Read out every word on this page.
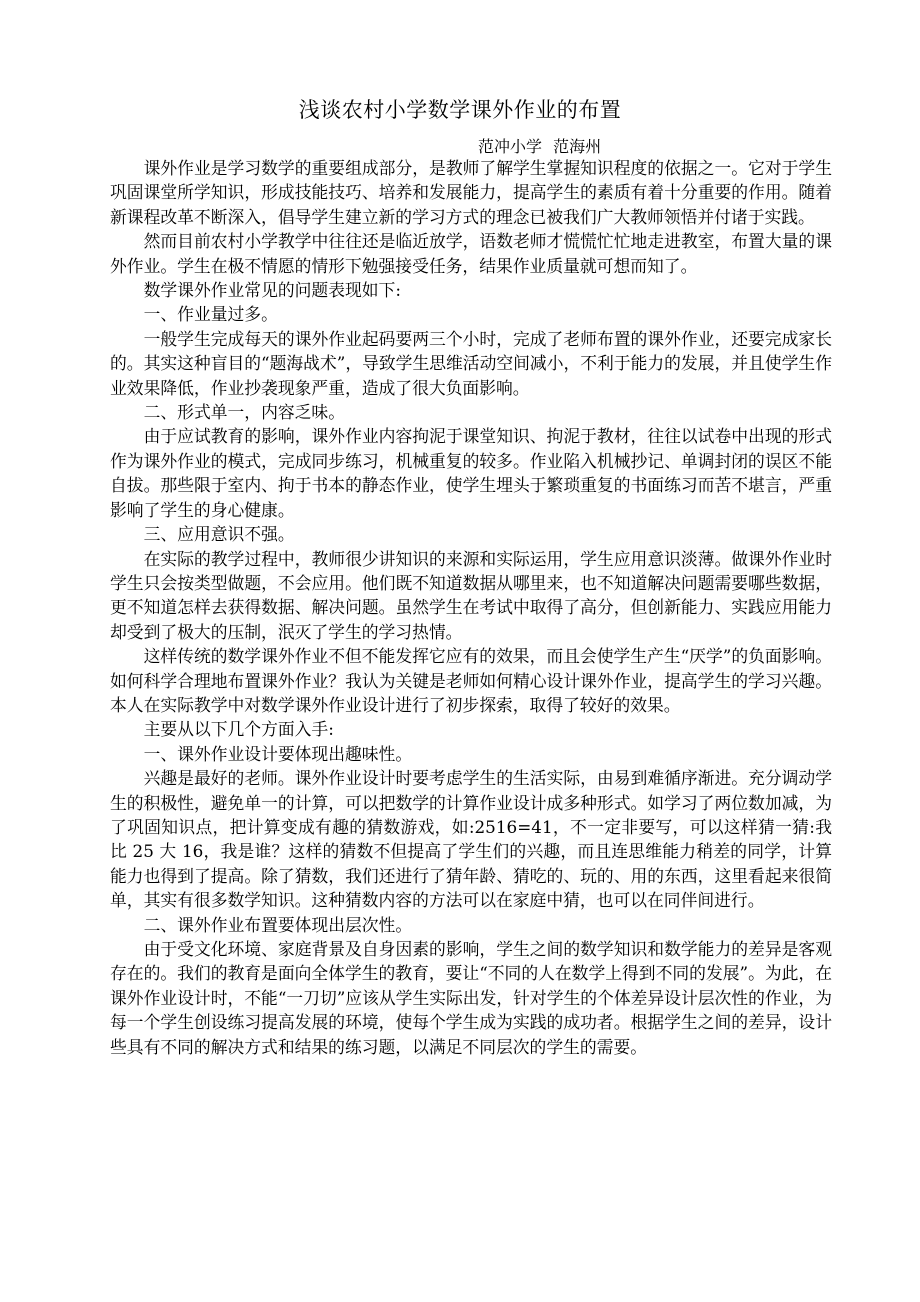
浅谈农村小学数学课外作业的布置
范冲小学 范海州

课外作业是学习数学的重要组成部分，是教师了解学生掌握知识程度的依据之一。它对于学生巩固课堂所学知识，形成技能技巧、培养和发展能力，提高学生的素质有着十分重要的作用。随着新课程改革不断深入，倡导学生建立新的学习方式的理念已被我们广大教师领悟并付诸于实践。

然而目前农村小学教学中往往还是临近放学，语数老师才慌慌忙忙地走进教室，布置大量的课外作业。学生在极不情愿的情形下勉强接受任务，结果作业质量就可想而知了。

数学课外作业常见的问题表现如下:

一、作业量过多。

一般学生完成每天的课外作业起码要两三个小时，完成了老师布置的课外作业，还要完成家长的。其实这种盲目的“题海战术”，导致学生思维活动空间减小，不利于能力的发展，并且使学生作业效果降低，作业抄袭现象严重，造成了很大负面影响。

二、形式单一，内容乏味。

由于应试教育的影响，课外作业内容拘泥于课堂知识、拘泥于教材，往往以试卷中出现的形式作为课外作业的模式，完成同步练习，机械重复的较多。作业陷入机械抄记、单调封闭的误区不能自拔。那些限于室内、拘于书本的静态作业，使学生埋头于繁琐重复的书面练习而苦不堪言，严重影响了学生的身心健康。

三、应用意识不强。

在实际的教学过程中，教师很少讲知识的来源和实际运用，学生应用意识淡薄。做课外作业时学生只会按类型做题，不会应用。他们既不知道数据从哪里来，也不知道解决问题需要哪些数据，更不知道怎样去获得数据、解决问题。虽然学生在考试中取得了高分，但创新能力、实践应用能力却受到了极大的压制，泯灭了学生的学习热情。

这样传统的数学课外作业不但不能发挥它应有的效果，而且会使学生产生“厌学”的负面影响。如何科学合理地布置课外作业？我认为关键是老师如何精心设计课外作业，提高学生的学习兴趣。本人在实际教学中对数学课外作业设计进行了初步探索，取得了较好的效果。

主要从以下几个方面入手:

一、课外作业设计要体现出趣味性。

兴趣是最好的老师。课外作业设计时要考虑学生的生活实际，由易到难循序渐进。充分调动学生的积极性，避免单一的计算，可以把数学的计算作业设计成多种形式。如学习了两位数加减，为了巩固知识点，把计算变成有趣的猜数游戏，如:2516=41，不一定非要写，可以这样猜一猜:我比 25 大 16，我是谁？这样的猜数不但提高了学生们的兴趣，而且连思维能力稍差的同学，计算能力也得到了提高。除了猜数，我们还进行了猜年龄、猜吃的、玩的、用的东西，这里看起来很简单，其实有很多数学知识。这种猜数内容的方法可以在家庭中猜，也可以在同伴间进行。

二、课外作业布置要体现出层次性。

由于受文化环境、家庭背景及自身因素的影响，学生之间的数学知识和数学能力的差异是客观存在的。我们的教育是面向全体学生的教育，要让“不同的人在数学上得到不同的发展”。为此，在课外作业设计时，不能“一刀切”应该从学生实际出发，针对学生的个体差异设计层次性的作业，为每一个学生创设练习提高发展的环境，使每个学生成为实践的成功者。根据学生之间的差异，设计些具有不同的解决方式和结果的练习题，以满足不同层次的学生的需要。
